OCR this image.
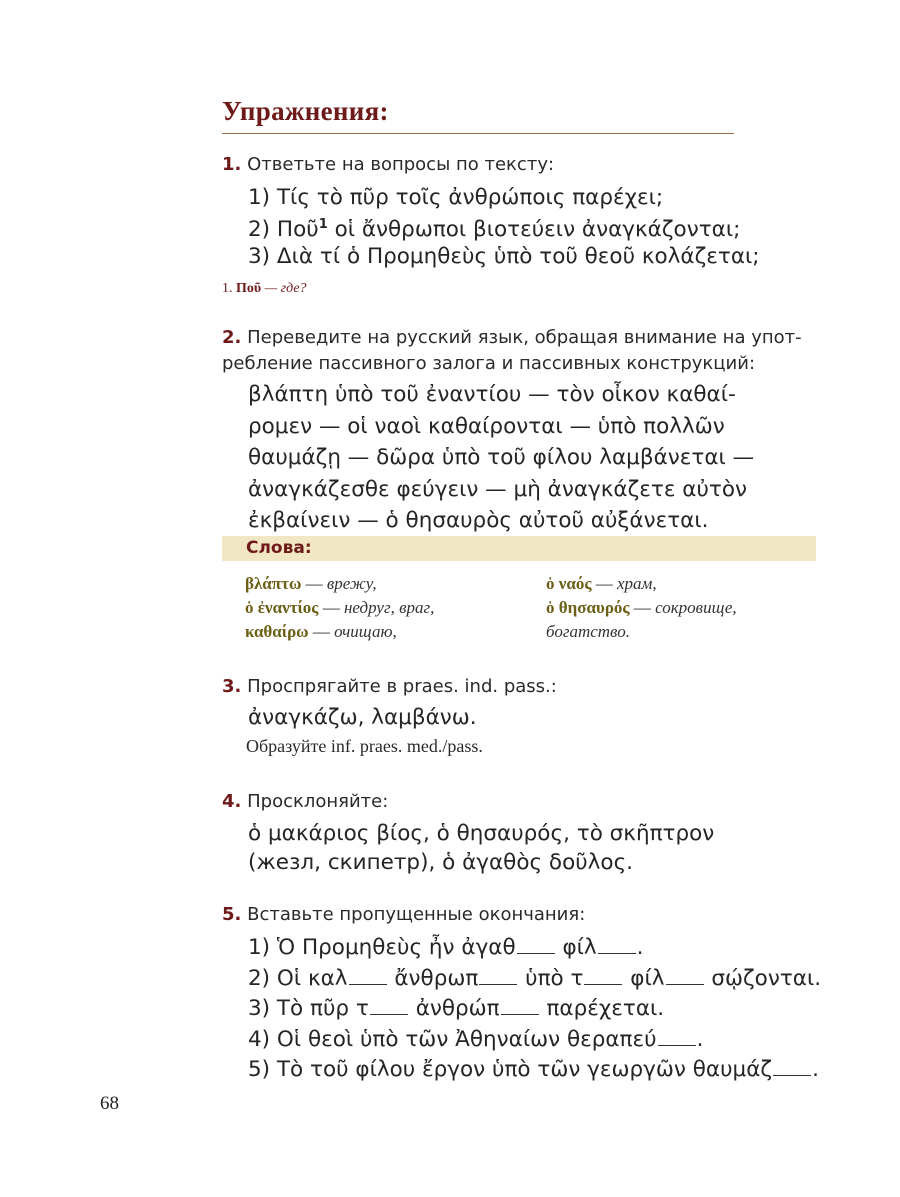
Упражнения:
1. Ответьте на вопросы по тексту:
1) Τίς τὸ πῦρ τοῖς ἀνθρώποις παρέχει;
2) Ποῦ$^1$ οἱ ἄνθρωποι βιοτεύειν ἀναγκάζονται;
3) Διὰ τί ὁ Προμηθεὺς ὑπὸ τοῦ θεοῦ κολάζεται;
1. Ποῦ — где?
2. Переведите на русский язык, обращая внимание на упот-
ребление пассивного залога и пассивных конструкций:
βλάπτη ὑπὸ τοῦ ἐναντίου — τὸν οἶκον καθαί-
ρομεν — οἱ ναοὶ καθαίρονται — ὑπὸ πολλῶν
θαυμάζῃ — δῶρα ὑπὸ τοῦ φίλου λαμβάνεται —
ἀναγκάζεσθε φεύγειν — μὴ ἀναγκάζετε αὐτὸν
ἐκβαίνειν — ὁ θησαυρὸς αὐτοῦ αὐξάνεται.
Слова:
βλάπτω — врежу,
ὁ ἐναντίος — недруг, враг,
καθαίρω — очищаю,
ὁ ναός — храм,
ὁ θησαυρός — сокровище,
богатство.
3. Проспрягайте в praes. ind. pass.:
ἀναγκάζω, λαμβάνω.
Образуйте inf. praes. med./pass.
4. Просклоняйте:
ὁ μακάριος βίος, ὁ θησαυρός, τὸ σκῆπτρον
(жезл, скипетр), ὁ ἀγαθὸς δοῦλος.
5. Вставьте пропущенные окончания:
1) Ὁ Προμηθεὺς ἦν ἀγαθ φίλ .
2) Οἱ καλ ἄνθρωπ ὑπὸ τ φίλ σῴζονται.
3) Τὸ πῦρ τ ἀνθρώπ παρέχεται.
4) Οἱ θεοὶ ὑπὸ τῶν Ἀθηναίων θεραπεύ .
5) Τὸ τοῦ φίλου ἔργον ὑπὸ τῶν γεωργῶν θαυμάζ .
68
